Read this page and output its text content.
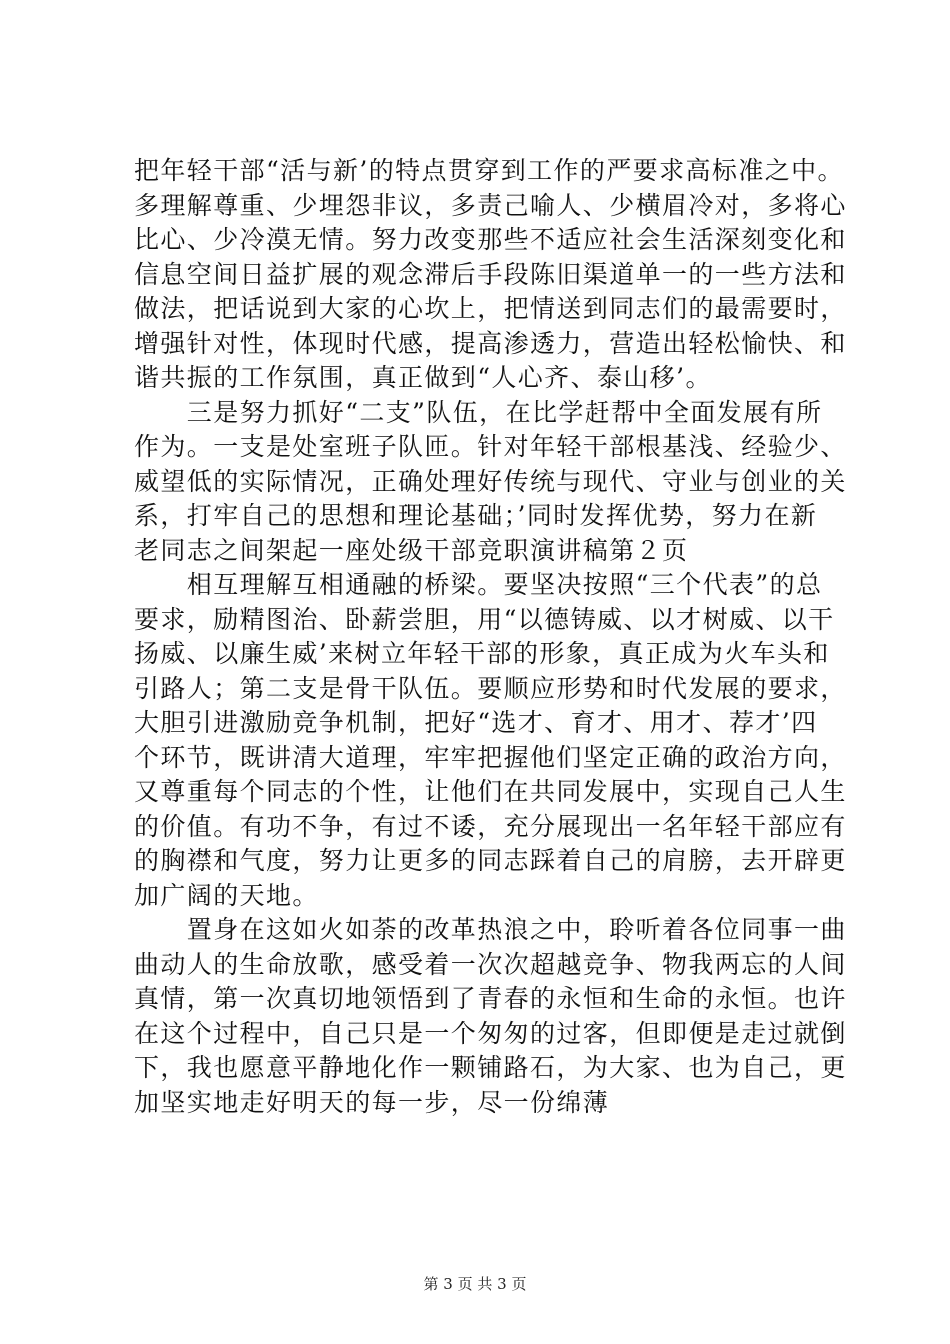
把年轻干部“活与新’的特点贯穿到工作的严要求高标准之中。
多理解尊重、少埋怨非议，多责己喻人、少横眉冷对，多将心
比心、少冷漠无情。努力改变那些不适应社会生活深刻变化和
信息空间日益扩展的观念滞后手段陈旧渠道单一的一些方法和
做法，把话说到大家的心坎上，把情送到同志们的最需要时，
增强针对性，体现时代感，提高渗透力，营造出轻松愉快、和
谐共振的工作氛围，真正做到“人心齐、泰山移’。

　　三是努力抓好“二支”队伍，在比学赶帮中全面发展有所
作为。一支是处室班子队匝。针对年轻干部根基浅、经验少、
威望低的实际情况，正确处理好传统与现代、守业与创业的关
系，打牢自己的思想和理论基础；’同时发挥优势，努力在新
老同志之间架起一座处级干部竞职演讲稿第２页

　　相互理解互相通融的桥梁。要坚决按照“三个代表”的总
要求，励精图治、卧薪尝胆，用“以德铸威、以才树威、以干
扬威、以廉生威’来树立年轻干部的形象，真正成为火车头和
引路人；第二支是骨干队伍。要顺应形势和时代发展的要求，
大胆引进激励竞争机制，把好“选才、育才、用才、荐才’四
个环节，既讲清大道理，牢牢把握他们坚定正确的政治方向，
又尊重每个同志的个性，让他们在共同发展中，实现自己人生
的价值。有功不争，有过不诿，充分展现出一名年轻干部应有
的胸襟和气度，努力让更多的同志踩着自己的肩膀，去开辟更
加广阔的天地。

　　置身在这如火如荼的改革热浪之中，聆听着各位同事一曲
曲动人的生命放歌，感受着一次次超越竞争、物我两忘的人间
真情，第一次真切地领悟到了青春的永恒和生命的永恒。也许
在这个过程中，自己只是一个匆匆的过客，但即便是走过就倒
下，我也愿意平静地化作一颗铺路石，为大家、也为自己，更
加坚实地走好明天的每一步，尽一份绵薄

第 3 页 共 3 页
